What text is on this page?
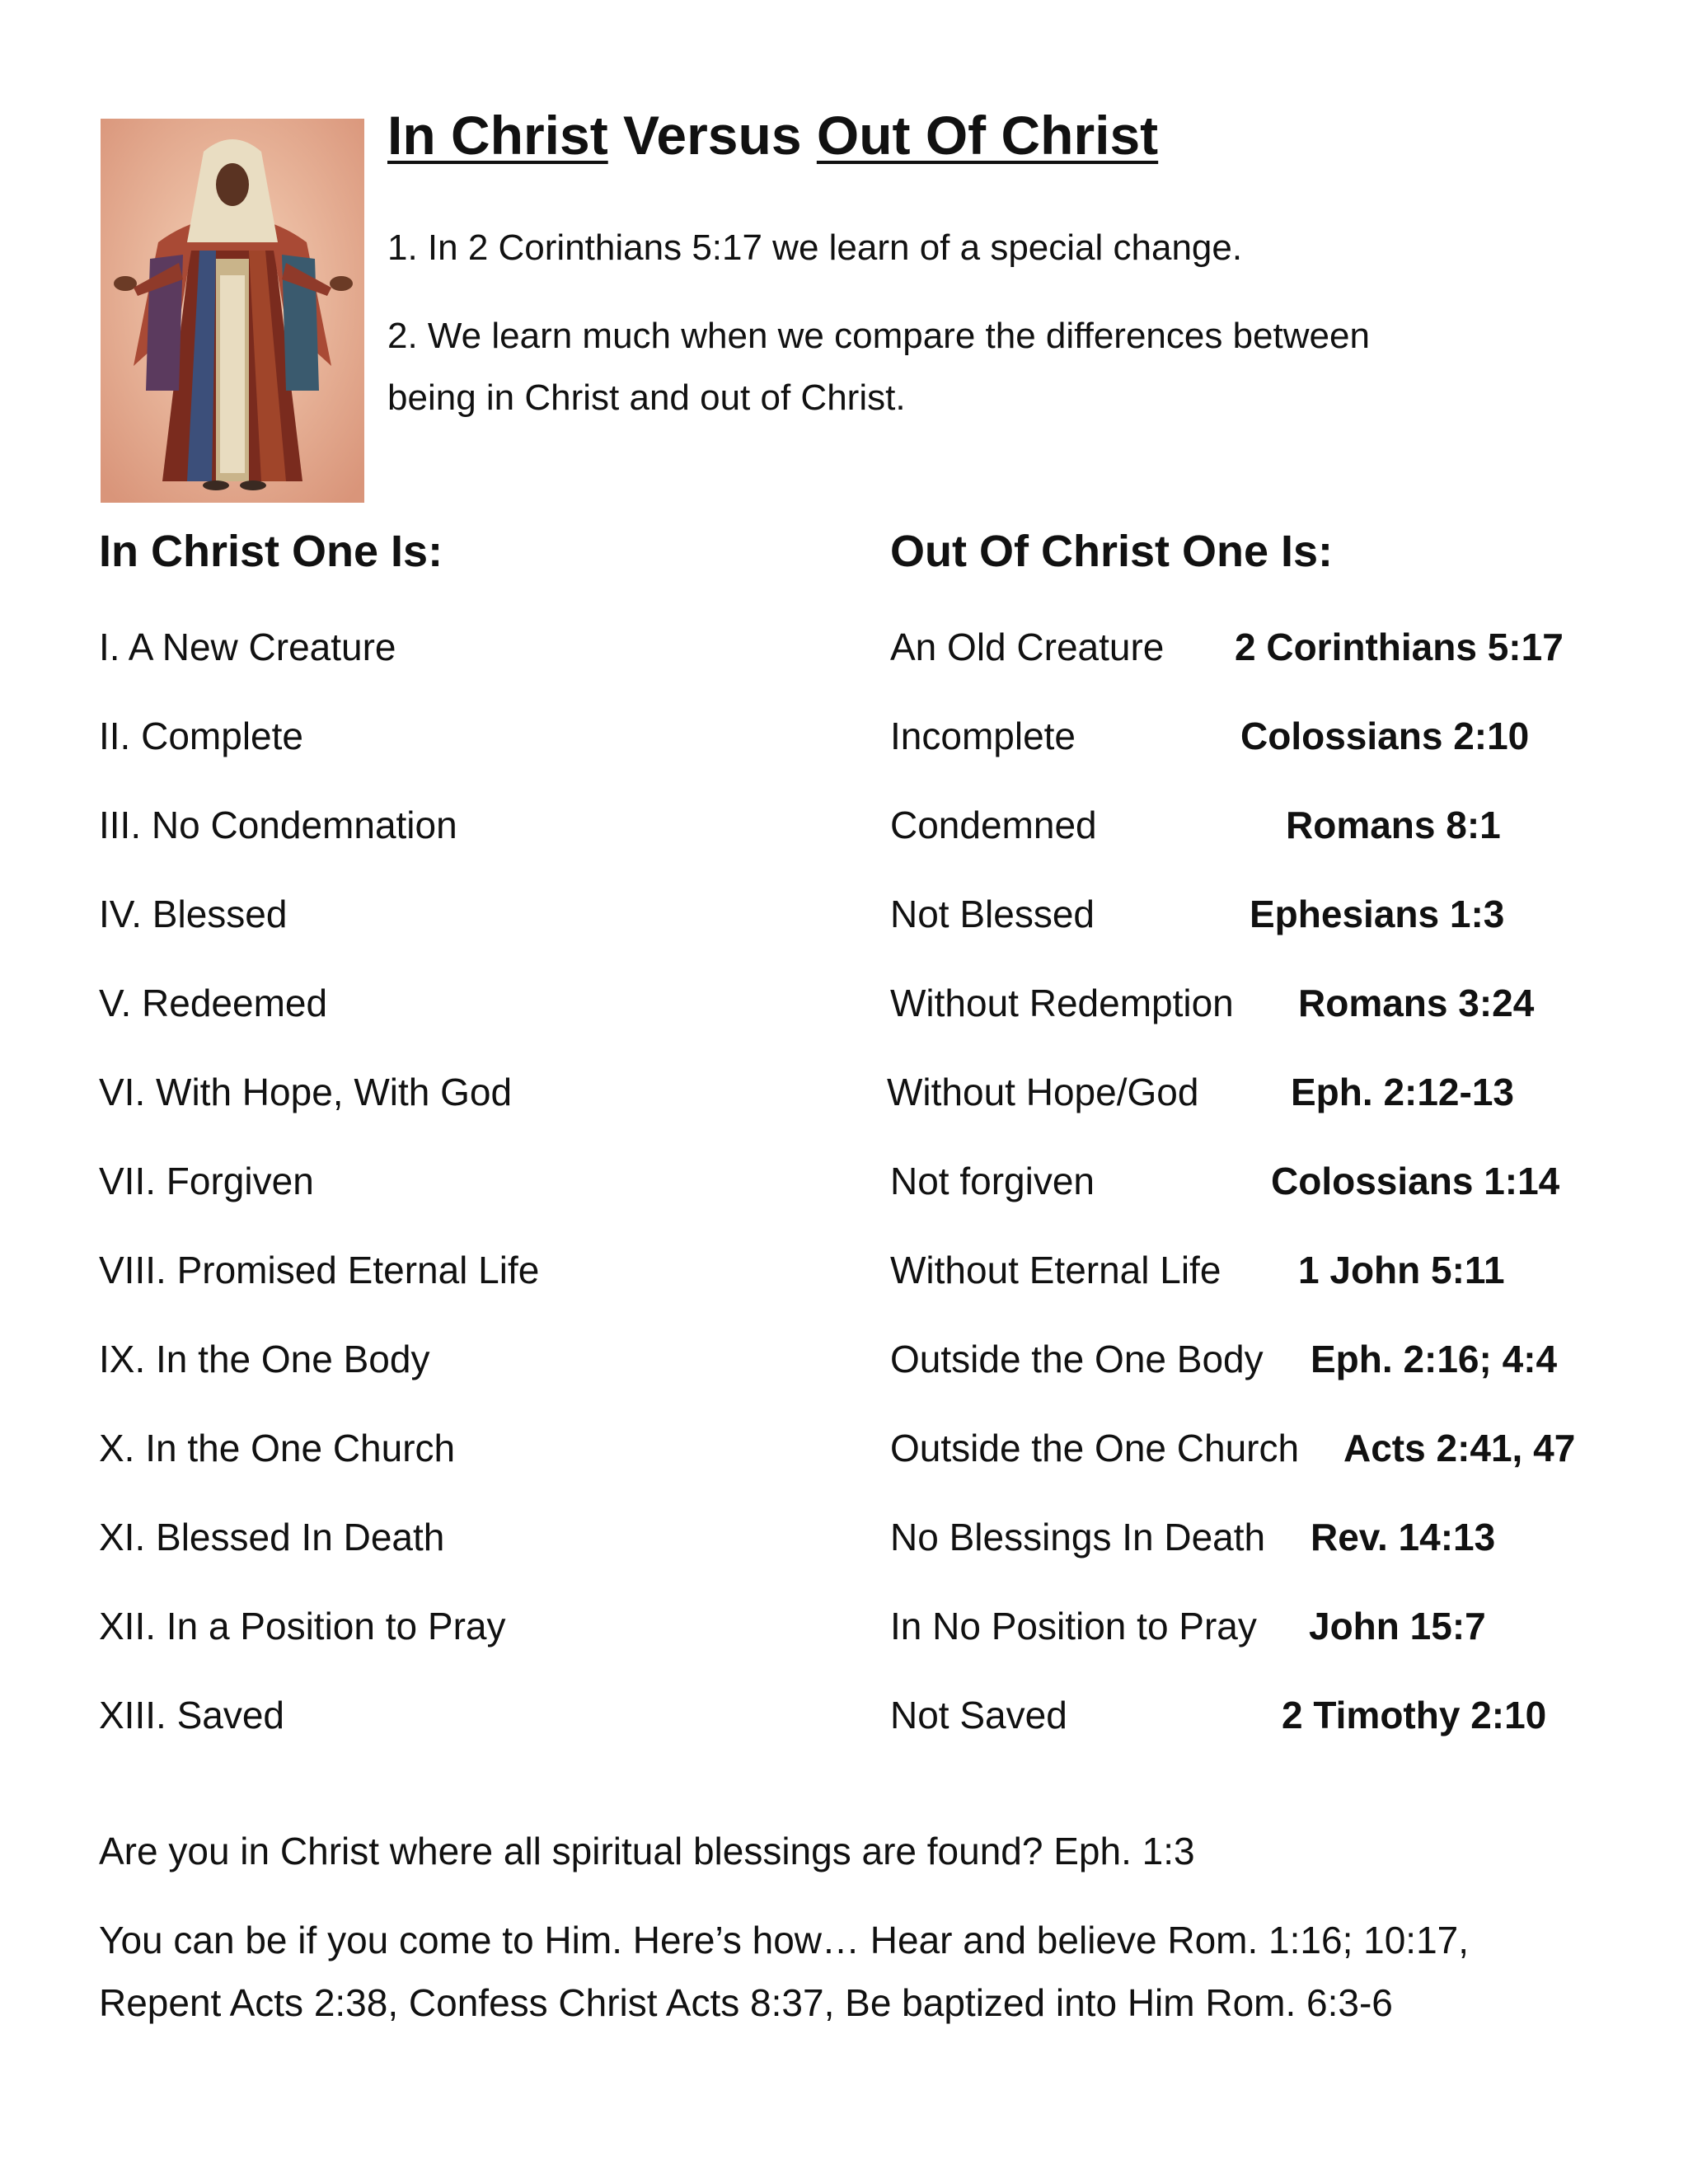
In Christ Versus Out Of Christ

1. In 2 Corinthians 5:17 we learn of a special change.

2. We learn much when we compare the differences between
being in Christ and out of Christ.

In Christ One Is:	Out Of Christ One Is:
I. A New Creature	An Old Creature 2 Corinthians 5:17
II. Complete	Incomplete	Colossians 2:10
III. No Condemnation	Condemned	Romans 8:1
IV. Blessed	Not Blessed	Ephesians 1:3
V. Redeemed	Without Redemption Romans 3:24
VI. With Hope, With God	Without Hope/God Eph. 2:12-13
VII. Forgiven	Not forgiven	Colossians 1:14
VIII. Promised Eternal Life	Without Eternal Life 1 John 5:11
IX. In the One Body	Outside the One Body Eph. 2:16; 4:4
X. In the One Church	Outside the One Church Acts 2:41, 47
XI. Blessed In Death	No Blessings In Death Rev. 14:13
XII. In a Position to Pray	In No Position to Pray John 15:7
XIII. Saved	Not Saved	2 Timothy 2:10

Are you in Christ where all spiritual blessings are found? Eph. 1:3

You can be if you come to Him. Here’s how… Hear and believe Rom. 1:16; 10:17,
Repent Acts 2:38, Confess Christ Acts 8:37, Be baptized into Him Rom. 6:3-6
